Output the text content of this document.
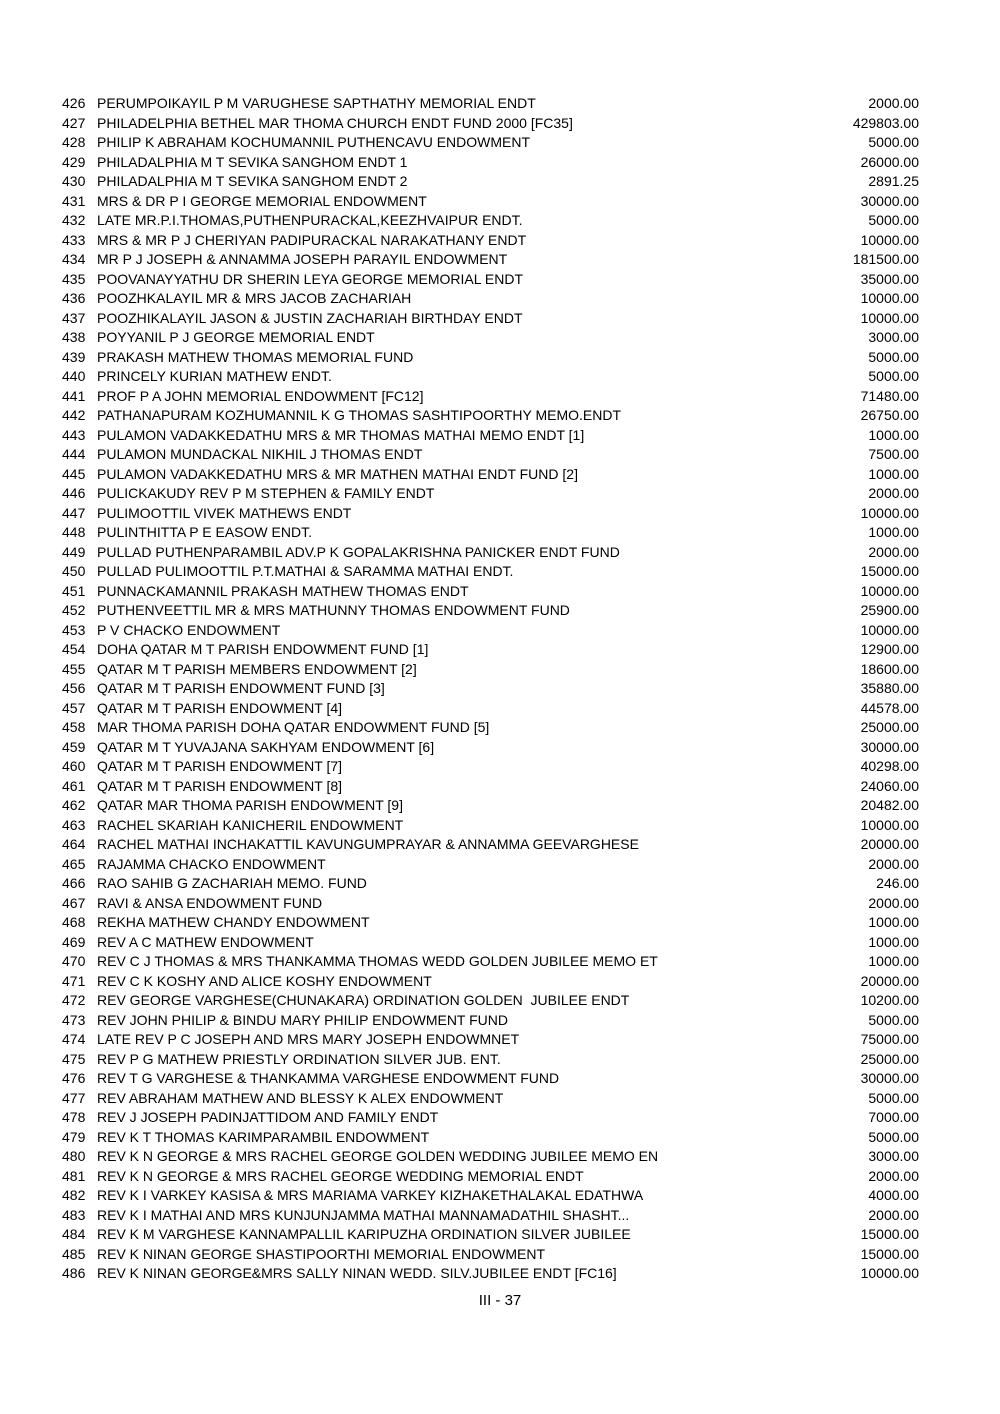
426 PERUMPOIKAYIL P M VARUGHESE SAPTHATHY MEMORIAL ENDT	2000.00
427 PHILADELPHIA BETHEL MAR THOMA CHURCH ENDT FUND 2000 [FC35]	429803.00
428 PHILIP K ABRAHAM KOCHUMANNIL PUTHENCAVU ENDOWMENT	5000.00
429 PHILADALPHIA M T SEVIKA SANGHOM ENDT 1	26000.00
430 PHILADALPHIA M T SEVIKA SANGHOM ENDT 2	2891.25
431 MRS & DR P I GEORGE MEMORIAL ENDOWMENT	30000.00
432 LATE MR.P.I.THOMAS,PUTHENPURACKAL,KEEZHVAIPUR ENDT.	5000.00
433 MRS & MR P J CHERIYAN PADIPURACKAL NARAKATHANY ENDT	10000.00
434 MR P J JOSEPH & ANNAMMA JOSEPH PARAYIL ENDOWMENT	181500.00
435 POOVANAYYATHU DR SHERIN LEYA GEORGE MEMORIAL ENDT	35000.00
436 POOZHKALAYIL MR & MRS JACOB ZACHARIAH	10000.00
437 POOZHIKALAYIL JASON & JUSTIN ZACHARIAH BIRTHDAY ENDT	10000.00
438 POYYANIL P J GEORGE MEMORIAL ENDT	3000.00
439 PRAKASH MATHEW THOMAS MEMORIAL FUND	5000.00
440 PRINCELY KURIAN MATHEW ENDT.	5000.00
441 PROF P A JOHN MEMORIAL ENDOWMENT [FC12]	71480.00
442 PATHANAPURAM KOZHUMANNIL K G THOMAS SASHTIPOORTHY MEMO.ENDT	26750.00
443 PULAMON VADAKKEDATHU MRS & MR THOMAS MATHAI MEMO ENDT [1]	1000.00
444 PULAMON MUNDACKAL NIKHIL J THOMAS ENDT	7500.00
445 PULAMON VADAKKEDATHU MRS & MR MATHEN MATHAI ENDT FUND [2]	1000.00
446 PULICKAKUDY REV P M STEPHEN & FAMILY ENDT	2000.00
447 PULIMOOTTIL VIVEK MATHEWS ENDT	10000.00
448 PULINTHITTA P E EASOW ENDT.	1000.00
449 PULLAD PUTHENPARAMBIL ADV.P K GOPALAKRISHNA PANICKER ENDT FUND	2000.00
450 PULLAD PULIMOOTTIL P.T.MATHAI & SARAMMA MATHAI ENDT.	15000.00
451 PUNNACKAMANNIL PRAKASH MATHEW THOMAS ENDT	10000.00
452 PUTHENVEETTIL MR & MRS MATHUNNY THOMAS ENDOWMENT FUND	25900.00
453 P V CHACKO ENDOWMENT	10000.00
454 DOHA QATAR M T PARISH ENDOWMENT FUND [1]	12900.00
455 QATAR M T PARISH MEMBERS ENDOWMENT [2]	18600.00
456 QATAR M T PARISH ENDOWMENT FUND [3]	35880.00
457 QATAR M T PARISH ENDOWMENT [4]	44578.00
458 MAR THOMA PARISH DOHA QATAR ENDOWMENT FUND [5]	25000.00
459 QATAR M T YUVAJANA SAKHYAM ENDOWMENT [6]	30000.00
460 QATAR M T PARISH ENDOWMENT [7]	40298.00
461 QATAR M T PARISH ENDOWMENT [8]	24060.00
462 QATAR MAR THOMA PARISH ENDOWMENT [9]	20482.00
463 RACHEL SKARIAH KANICHERIL ENDOWMENT	10000.00
464 RACHEL MATHAI INCHAKATTIL KAVUNGUMPRAYAR & ANNAMMA GEEVARGHESE	20000.00
465 RAJAMMA CHACKO ENDOWMENT	2000.00
466 RAO SAHIB G ZACHARIAH MEMO. FUND	246.00
467 RAVI & ANSA ENDOWMENT FUND	2000.00
468 REKHA MATHEW CHANDY ENDOWMENT	1000.00
469 REV A C MATHEW ENDOWMENT	1000.00
470 REV C J THOMAS & MRS THANKAMMA THOMAS WEDD GOLDEN JUBILEE MEMO ET	1000.00
471 REV C K KOSHY AND ALICE KOSHY ENDOWMENT	20000.00
472 REV GEORGE VARGHESE(CHUNAKARA) ORDINATION GOLDEN  JUBILEE ENDT	10200.00
473 REV JOHN PHILIP & BINDU MARY PHILIP ENDOWMENT FUND	5000.00
474 LATE REV P C JOSEPH AND MRS MARY JOSEPH ENDOWMNET	75000.00
475 REV P G MATHEW PRIESTLY ORDINATION SILVER JUB. ENT.	25000.00
476 REV T G VARGHESE & THANKAMMA VARGHESE ENDOWMENT FUND	30000.00
477 REV ABRAHAM MATHEW AND BLESSY K ALEX ENDOWMENT	5000.00
478 REV J JOSEPH PADINJATTIDOM AND FAMILY ENDT	7000.00
479 REV K T THOMAS KARIMPARAMBIL ENDOWMENT	5000.00
480 REV K N GEORGE & MRS RACHEL GEORGE GOLDEN WEDDING JUBILEE MEMO EN	3000.00
481 REV K N GEORGE & MRS RACHEL GEORGE WEDDING MEMORIAL ENDT	2000.00
482 REV K I VARKEY KASISA & MRS MARIAMA VARKEY KIZHAKETHALAKAL EDATHWA	4000.00
483 REV K I MATHAI AND MRS KUNJUNJAMMA MATHAI MANNAMADATHIL SHASHT...	2000.00
484 REV K M VARGHESE KANNAMPALLIL KARIPUZHA ORDINATION SILVER JUBILEE	15000.00
485 REV K NINAN GEORGE SHASTIPOORTHI MEMORIAL ENDOWMENT	15000.00
486 REV K NINAN GEORGE&MRS SALLY NINAN WEDD. SILV.JUBILEE ENDT [FC16]	10000.00
III - 37
